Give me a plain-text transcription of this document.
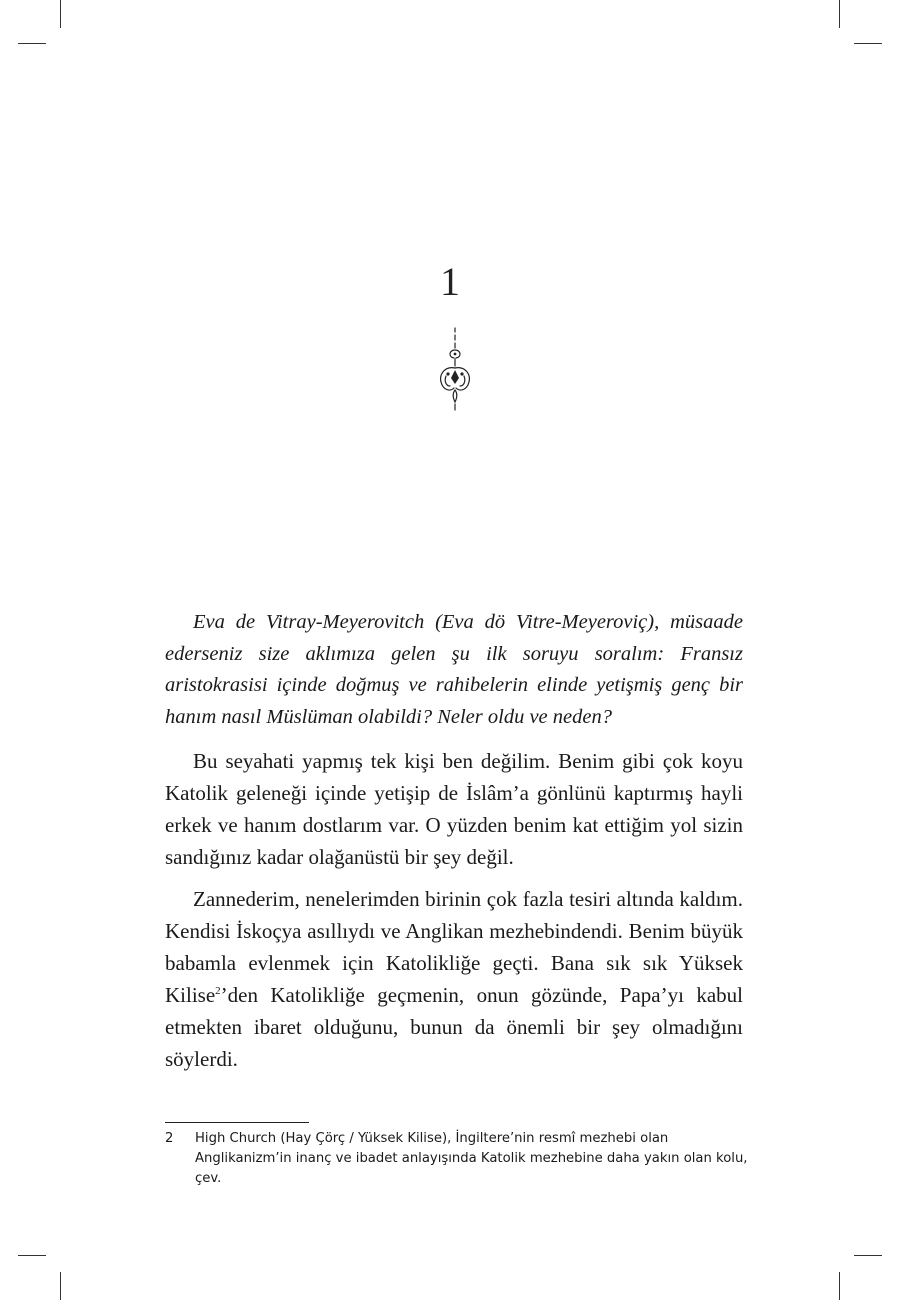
1

Eva de Vitray-Meyerovitch (Eva dö Vitre-Meyeroviç), müsaade ederseniz size aklımıza gelen şu ilk soruyu soralım: Fransız aristokrasisi içinde doğmuş ve rahibelerin elinde yetişmiş genç bir hanım nasıl Müslüman olabildi? Neler oldu ve neden?

Bu seyahati yapmış tek kişi ben değilim. Benim gibi çok koyu Katolik geleneği içinde yetişip de İslâm’a gönlünü kaptırmış hayli erkek ve hanım dostlarım var. O yüzden benim kat ettiğim yol sizin sandığınız kadar olağanüstü bir şey değil.

Zannederim, nenelerimden birinin çok fazla tesiri altında kaldım. Kendisi İskoçya asıllıydı ve Anglikan mezhebindendi. Benim büyük babamla evlenmek için Katolikliğe geçti. Bana sık sık Yüksek Kilise$^2$’den Katolikliğe geçmenin, onun gözünde, Papa’yı kabul etmekten ibaret olduğunu, bunun da önemli bir şey olmadığını söylerdi.

2	High Church (Hay Çörç / Yüksek Kilise), İngiltere’nin resmî mezhebi olan Anglikanizm’in inanç ve ibadet anlayışında Katolik mezhebine daha yakın olan kolu, çev.
